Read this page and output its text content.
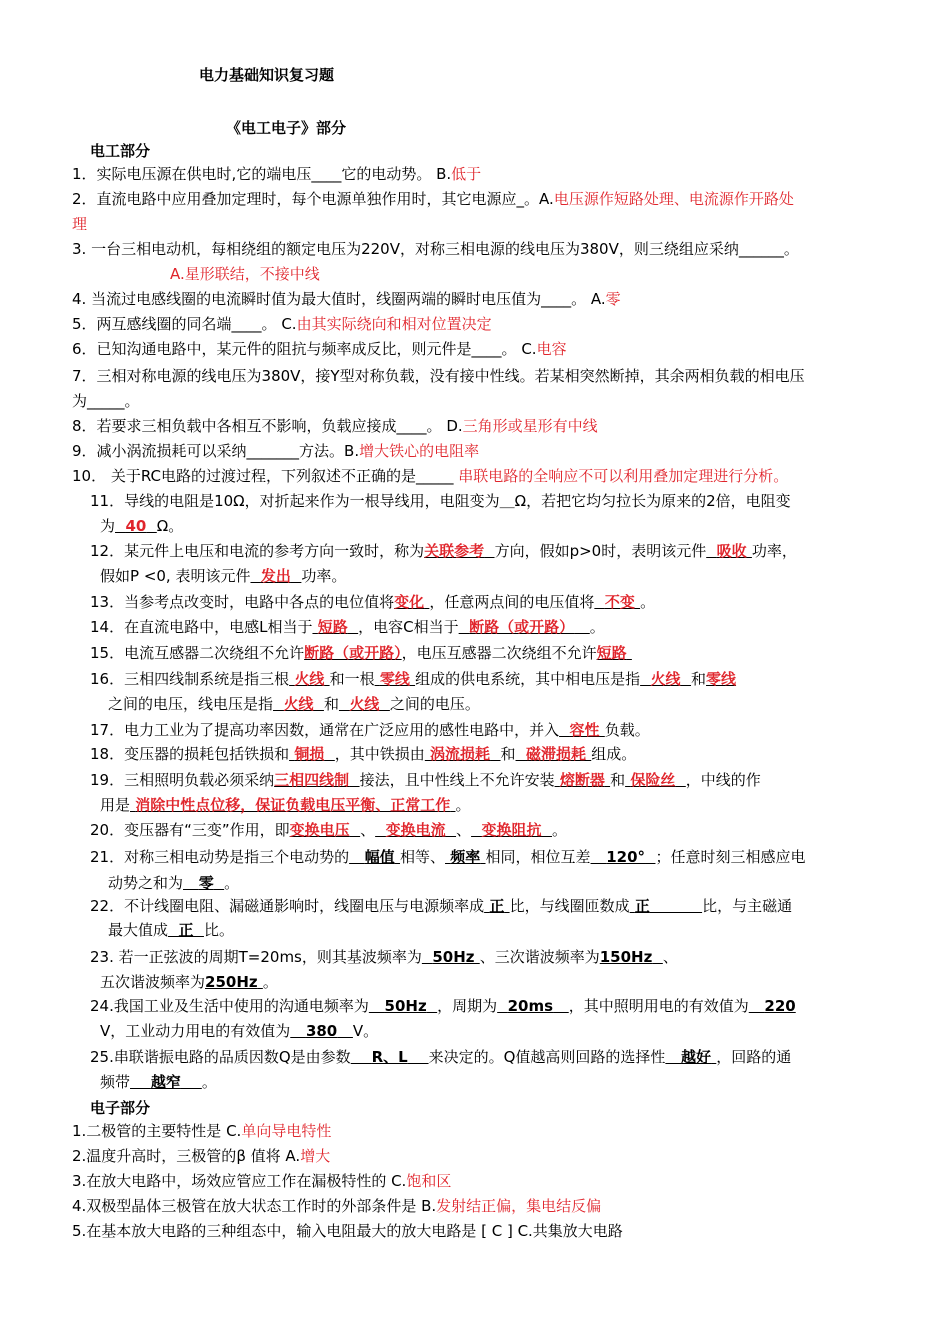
电力基础知识复习题
《电工电子》部分
电工部分
1．实际电压源在供电时,它的端电压____它的电动势。 B.低于
2．直流电路中应用叠加定理时，每个电源单独作用时，其它电源应_。A.电压源作短路处理、电流源作开路处
理
3. 一台三相电动机，每相绕组的额定电压为220V，对称三相电源的线电压为380V，则三绕组应采纳______。
A.星形联结，不接中线
4. 当流过电感线圈的电流瞬时值为最大值时，线圈两端的瞬时电压值为____。 A.零
5．两互感线圈的同名端____。 C.由其实际绕向和相对位置决定
6．已知沟通电路中，某元件的阻抗与频率成反比，则元件是____。 C.电容
7．三相对称电源的线电压为380V，接Y型对称负载，没有接中性线。若某相突然断掉，其余两相负载的相电压
为_____。
8．若要求三相负载中各相互不影响，负载应接成____。 D.三角形或星形有中线
9．减小涡流损耗可以采纳_______方法。B.增大铁心的电阻率
10． 关于RC电路的过渡过程，下列叙述不正确的是_____ 串联电路的全响应不可以利用叠加定理进行分析。
11．导线的电阻是10Ω，对折起来作为一根导线用，电阻变为＿Ω，若把它均匀拉长为原来的2倍，电阻变
为 40 Ω。
12．某元件上电压和电流的参考方向一致时，称为关联参考 方向，假如p>0时，表明该元件 吸收 功率，
假如P <0, 表明该元件 发出 功率。
13．当参考点改变时，电路中各点的电位值将变化 ，任意两点间的电压值将 不变 。
14．在直流电路中，电感L相当于 短路 ，电容C相当于 断路（或开路） 。
15．电流互感器二次绕组不允许断路（或开路），电压互感器二次绕组不允许短路
16．三相四线制系统是指三根 火线 和一根 零线 组成的供电系统，其中相电压是指 火线 和零线
之间的电压，线电压是指 火线 和 火线 之间的电压。
17．电力工业为了提高功率因数，通常在广泛应用的感性电路中，并入 容性 负载。
18．变压器的损耗包括铁损和 铜损 ，其中铁损由 涡流损耗 和 磁滞损耗 组成。
19．三相照明负载必须采纳三相四线制 接法，且中性线上不允许安装 熔断器 和 保险丝 ，中线的作
用是 消除中性点位移，保证负载电压平衡、正常工作 。
20．变压器有“三变”作用，即变换电压 、 变换电流 、 变换阻抗 。
21．对称三相电动势是指三个电动势的 幅值 相等、 频率 相同，相位互差 120° ；任意时刻三相感应电
动势之和为 零 。
22．不计线圈电阻、漏磁通影响时，线圈电压与电源频率成 正 比，与线圈匝数成 正	比，与主磁通
最大值成 正 比。
23. 若一正弦波的周期T=20ms，则其基波频率为 50Hz 、三次谐波频率为150Hz 、
五次谐波频率为250Hz 。
24.我国工业及生活中使用的沟通电频率为 50Hz ，周期为 20ms ，其中照明用电的有效值为 220
V，工业动力用电的有效值为 380 V。
25.串联谐振电路的品质因数Q是由参数 R、L 来决定的。Q值越高则回路的选择性 越好 ，回路的通
频带 越窄 。
电子部分
1.二极管的主要特性是 C.单向导电特性
2.温度升高时，三极管的β 值将 A.增大
3.在放大电路中，场效应管应工作在漏极特性的 C.饱和区
4.双极型晶体三极管在放大状态工作时的外部条件是 B.发射结正偏，集电结反偏
5.在基本放大电路的三种组态中，输入电阻最大的放大电路是 [ C ] C.共集放大电路
